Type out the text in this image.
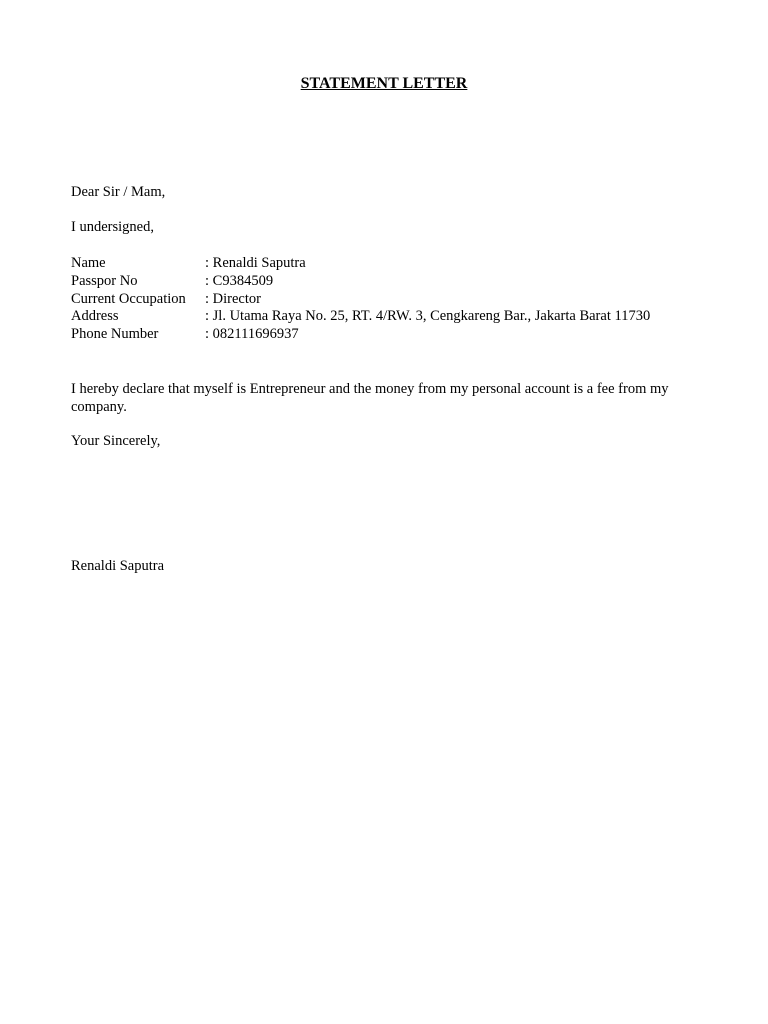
STATEMENT LETTER
Dear Sir / Mam,
I undersigned,
Name	: Renaldi Saputra
Passpor No	: C9384509
Current Occupation : Director
Address	: Jl. Utama Raya No. 25, RT. 4/RW. 3, Cengkareng Bar., Jakarta Barat 11730
Phone Number	: 082111696937
I hereby declare that myself is Entrepreneur and the money from my personal account is a fee from my company.
Your Sincerely,
Renaldi Saputra
